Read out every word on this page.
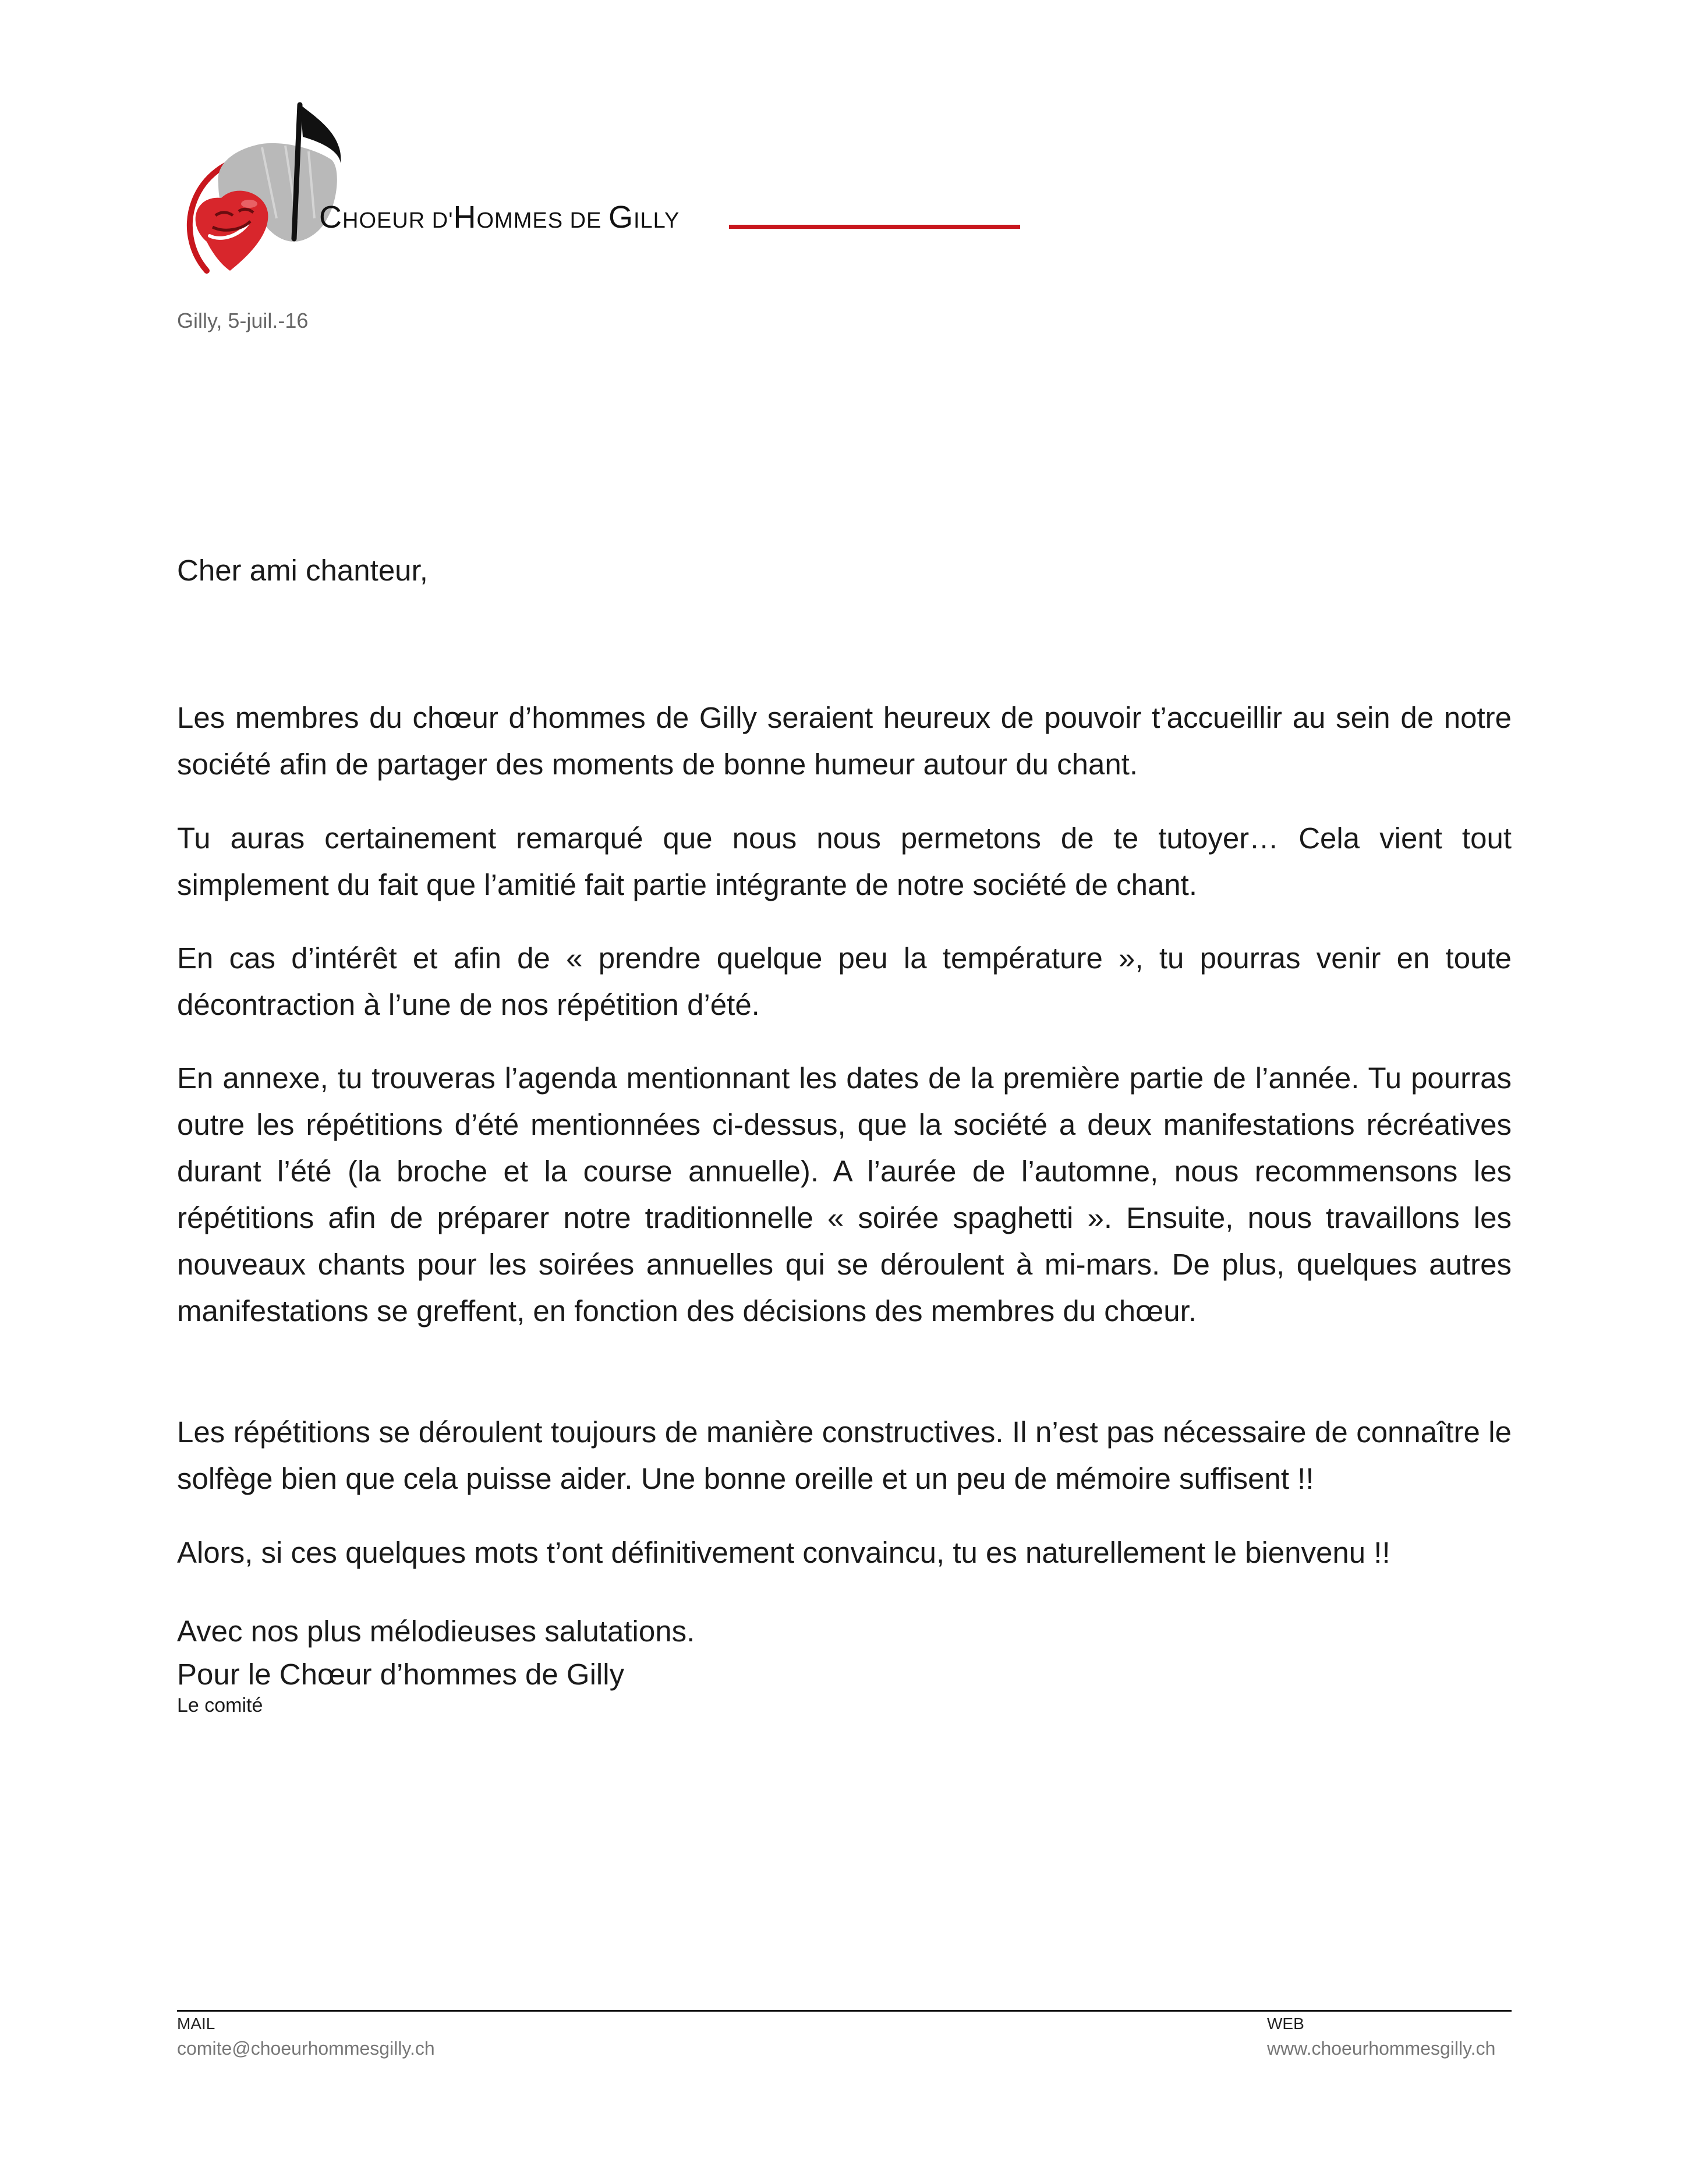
CHOEUR D'HOMMES DE GILLY
Gilly, 5-juil.-16
Cher ami chanteur,
Les membres du chœur d’hommes de Gilly seraient heureux de pouvoir t’accueillir au sein de notre société afin de partager des moments de bonne humeur autour du chant.
Tu auras certainement remarqué que nous nous permetons de te tutoyer… Cela vient tout simplement du fait que l’amitié fait partie intégrante de notre société de chant.
En cas d’intérêt et afin de « prendre quelque peu la température », tu pourras venir en toute décontraction à l’une de nos répétition d’été.
En annexe, tu trouveras l’agenda mentionnant les dates de la première partie de l’année. Tu pourras outre les répétitions d’été mentionnées ci-dessus, que la société a deux manifestations récréatives durant l’été (la broche et la course annuelle). A l’aurée de l’automne, nous recommensons les répétitions afin de préparer notre traditionnelle « soirée spaghetti ». Ensuite, nous travaillons les nouveaux chants pour les soirées annuelles qui se déroulent à mi-mars. De plus, quelques autres manifestations se greffent, en fonction des décisions des membres du chœur.
Les répétitions se déroulent toujours de manière constructives. Il n’est pas nécessaire de connaître le solfège bien que cela puisse aider. Une bonne oreille et un peu de mémoire suffisent !!
Alors, si ces quelques mots t’ont définitivement convaincu, tu es naturellement le bienvenu !!
Avec nos plus mélodieuses salutations.
Pour le Chœur d’hommes de Gilly
Le comité
MAIL
comite@choeurhommesgilly.ch
WEB
www.choeurhommesgilly.ch
